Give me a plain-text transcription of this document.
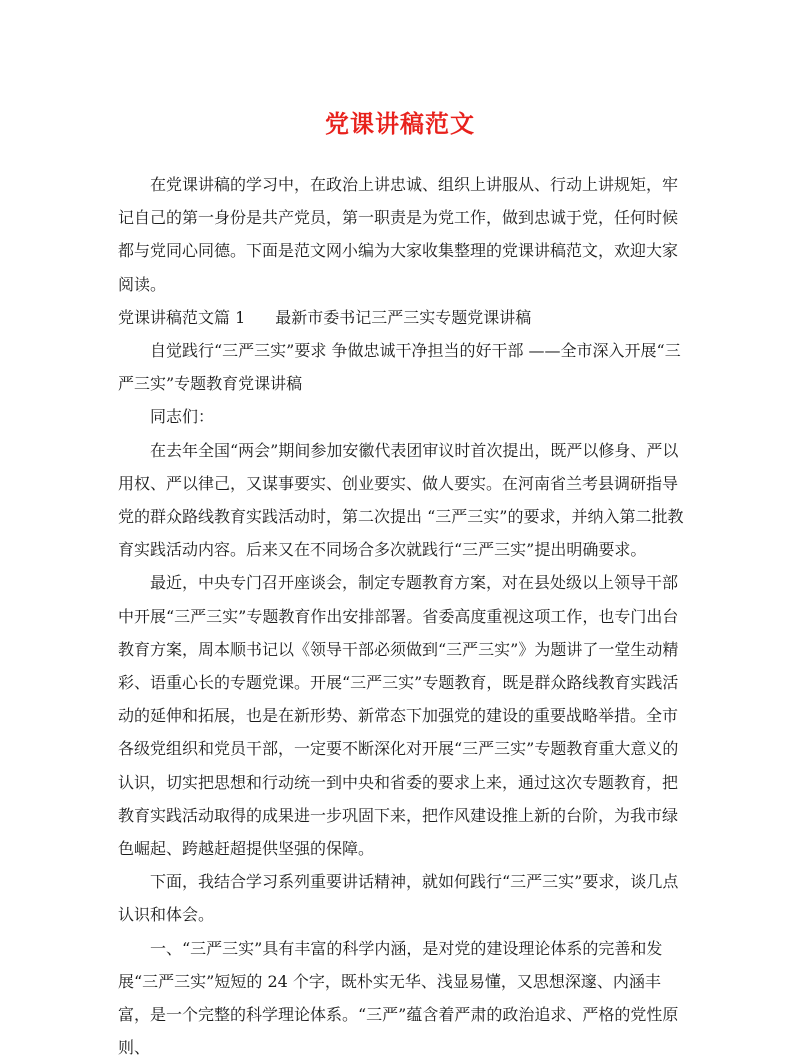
党课讲稿范文

在党课讲稿的学习中，在政治上讲忠诚、组织上讲服从、行动上讲规矩，牢记自己的第一身份是共产党员，第一职责是为党工作，做到忠诚于党，任何时候都与党同心同德。下面是范文网小编为大家收集整理的党课讲稿范文，欢迎大家阅读。

党课讲稿范文篇 1 最新市委书记三严三实专题党课讲稿

自觉践行“三严三实”要求 争做忠诚干净担当的好干部 ——全市深入开展“三严三实”专题教育党课讲稿

同志们：

在去年全国“两会”期间参加安徽代表团审议时首次提出，既严以修身、严以用权、严以律己，又谋事要实、创业要实、做人要实。在河南省兰考县调研指导党的群众路线教育实践活动时，第二次提出 “三严三实”的要求，并纳入第二批教育实践活动内容。后来又在不同场合多次就践行“三严三实”提出明确要求。

最近，中央专门召开座谈会，制定专题教育方案，对在县处级以上领导干部中开展“三严三实”专题教育作出安排部署。省委高度重视这项工作，也专门出台教育方案，周本顺书记以《领导干部必须做到“三严三实”》为题讲了一堂生动精彩、语重心长的专题党课。开展“三严三实”专题教育，既是群众路线教育实践活动的延伸和拓展，也是在新形势、新常态下加强党的建设的重要战略举措。全市各级党组织和党员干部，一定要不断深化对开展“三严三实”专题教育重大意义的认识，切实把思想和行动统一到中央和省委的要求上来，通过这次专题教育，把教育实践活动取得的成果进一步巩固下来，把作风建设推上新的台阶，为我市绿色崛起、跨越赶超提供坚强的保障。

下面，我结合学习系列重要讲话精神，就如何践行“三严三实”要求，谈几点认识和体会。

一、“三严三实”具有丰富的科学内涵，是对党的建设理论体系的完善和发展“三严三实”短短的 24 个字，既朴实无华、浅显易懂，又思想深邃、内涵丰富，是一个完整的科学理论体系。“三严”蕴含着严肃的政治追求、严格的党性原则、
